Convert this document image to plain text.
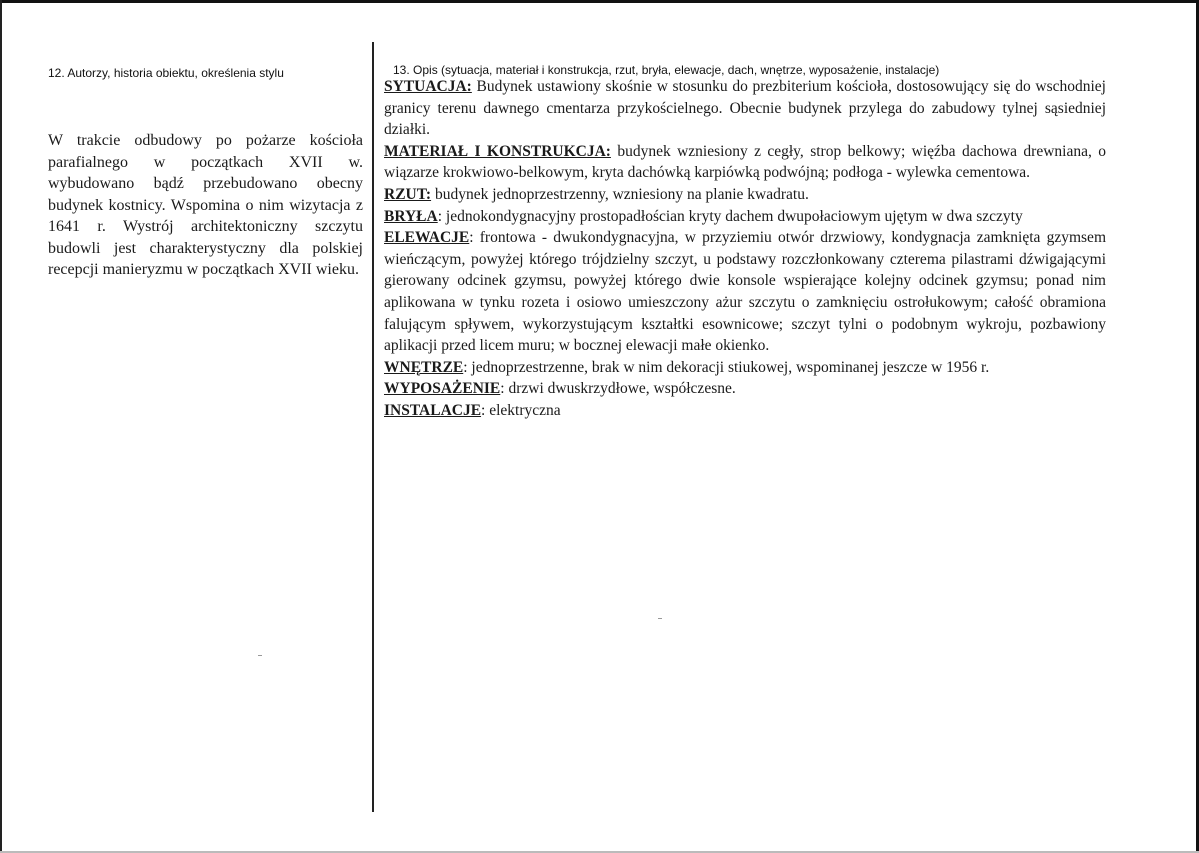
12. Autorzy, historia obiektu, określenia stylu

W trakcie odbudowy po pożarze kościoła parafialnego w początkach XVII w. wybudowano bądź przebudowano obecny budynek kostnicy. Wspomina o nim wizytacja z 1641 r. Wystrój architektoniczny szczytu budowli jest charakterystyczny dla polskiej recepcji manieryzmu w początkach XVII wieku.

13. Opis (sytuacja, materiał i konstrukcja, rzut, bryła, elewacje, dach, wnętrze, wyposażenie, instalacje)

SYTUACJA: Budynek ustawiony skośnie w stosunku do prezbiterium kościoła, dostosowujący się do wschodniej granicy terenu dawnego cmentarza przykościelnego. Obecnie budynek przylega do zabudowy tylnej sąsiedniej działki.

MATERIAŁ I KONSTRUKCJA: budynek wzniesiony z cegły, strop belkowy; więźba dachowa drewniana, o wiązarze krokwiowo-belkowym, kryta dachówką karpiówką podwójną; podłoga - wylewka cementowa.

RZUT: budynek jednoprzestrzenny, wzniesiony na planie kwadratu.

BRYŁA: jednokondygnacyjny prostopadłościan kryty dachem dwupołaciowym ujętym w dwa szczyty

ELEWACJE: frontowa - dwukondygnacyjna, w przyziemiu otwór drzwiowy, kondygnacja zamknięta gzymsem wieńczącym, powyżej którego trójdzielny szczyt, u podstawy rozczłonkowany czterema pilastrami dźwigającymi gierowany odcinek gzymsu, powyżej którego dwie konsole wspierające kolejny odcinek gzymsu; ponad nim aplikowana w tynku rozeta i osiowo umieszczony ażur szczytu o zamknięciu ostrołukowym; całość obramiona falującym spływem, wykorzystującym kształtki esownicowe; szczyt tylni o podobnym wykroju, pozbawiony aplikacji przed licem muru; w bocznej elewacji małe okienko.

WNĘTRZE: jednoprzestrzenne, brak w nim dekoracji stiukowej, wspominanej jeszcze w 1956 r.

WYPOSAŻENIE: drzwi dwuskrzydłowe, współczesne.

INSTALACJE: elektryczna
